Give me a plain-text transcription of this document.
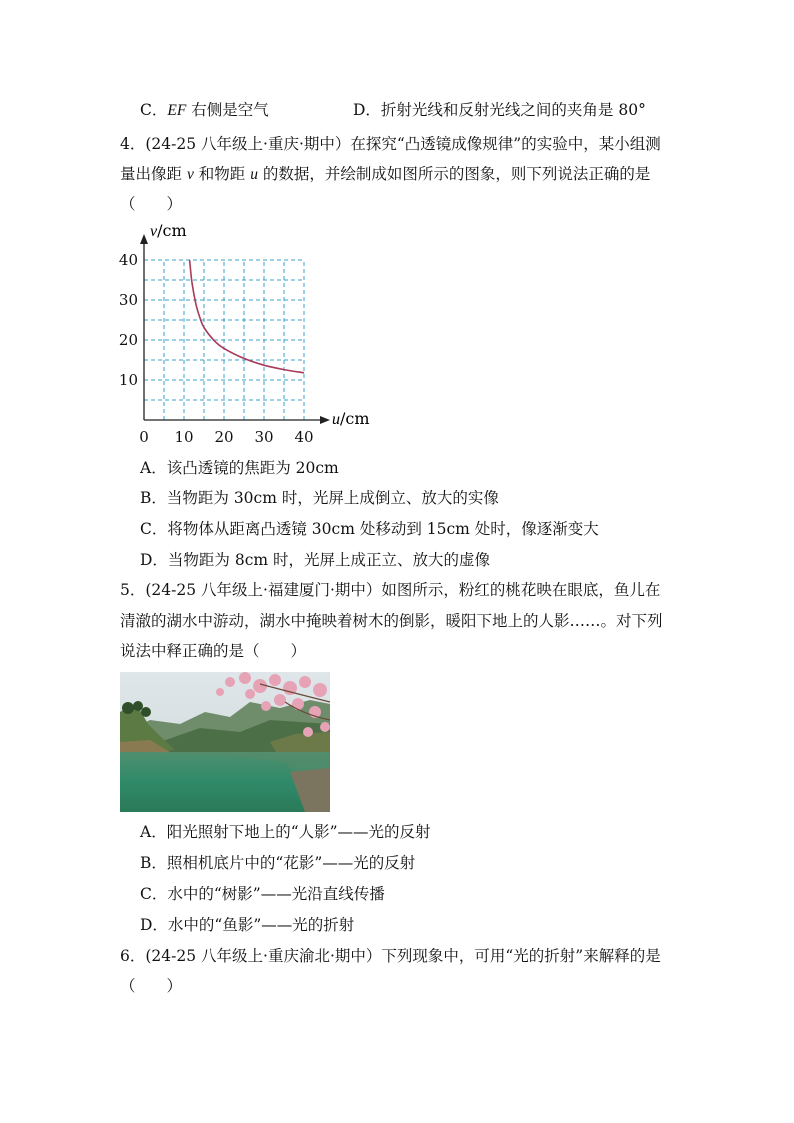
C．EF 右侧是空气	D．折射光线和反射光线之间的夹角是 80°
4．(24-25 八年级上·重庆·期中）在探究“凸透镜成像规律”的实验中，某小组测
量出像距 v 和物距 u 的数据，并绘制成如图所示的图象，则下列说法正确的是
（　　）
0 10 20 30 40
10
20
30
40
v/cm
u/cm
A．该凸透镜的焦距为 20cm
B．当物距为 30cm 时，光屏上成倒立、放大的实像
C．将物体从距离凸透镜 30cm 处移动到 15cm 处时，像逐渐变大
D．当物距为 8cm 时，光屏上成正立、放大的虚像
5．(24-25 八年级上·福建厦门·期中）如图所示，粉红的桃花映在眼底，鱼儿在
清澈的湖水中游动，湖水中掩映着树木的倒影，暖阳下地上的人影……。对下列
说法中释正确的是（　　）
A．阳光照射下地上的“人影”——光的反射
B．照相机底片中的“花影”——光的反射
C．水中的“树影”——光沿直线传播
D．水中的“鱼影”——光的折射
6．(24-25 八年级上·重庆渝北·期中）下列现象中，可用“光的折射”来解释的是
（　　）
